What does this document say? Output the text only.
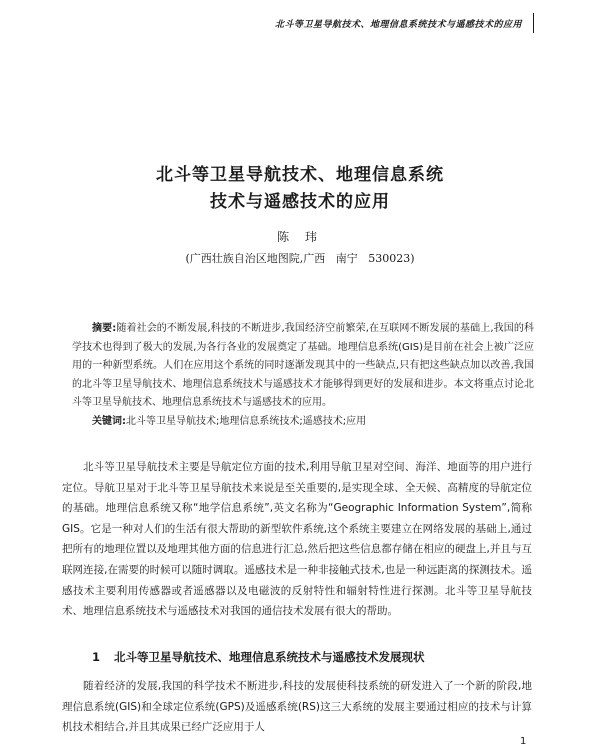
北斗等卫星导航技术、地理信息系统技术与遥感技术的应用
北斗等卫星导航技术、地理信息系统
技术与遥感技术的应用
陈 玮
(广西壮族自治区地图院,广西   南宁   530023)

摘要:随着社会的不断发展,科技的不断进步,我国经济空前繁荣,在互联网不断发展的基础上,我国的科学技术也得到了极大的发展,为各行各业的发展奠定了基础。地理信息系统(GIS)是目前在社会上被广泛应用的一种新型系统。人们在应用这个系统的同时逐渐发现其中的一些缺点,只有把这些缺点加以改善,我国的北斗等卫星导航技术、地理信息系统技术与遥感技术才能够得到更好的发展和进步。本文将重点讨论北斗等卫星导航技术、地理信息系统技术与遥感技术的应用。

关键词:北斗等卫星导航技术;地理信息系统技术;遥感技术;应用

北斗等卫星导航技术主要是导航定位方面的技术,利用导航卫星对空间、海洋、地面等的用户进行定位。导航卫星对于北斗等卫星导航技术来说是至关重要的,是实现全球、全天候、高精度的导航定位的基础。地理信息系统又称“地学信息系统”,英文名称为“Geographic Information System”,简称GIS。它是一种对人们的生活有很大帮助的新型软件系统,这个系统主要建立在网络发展的基础上,通过把所有的地理位置以及地理其他方面的信息进行汇总,然后把这些信息都存储在相应的硬盘上,并且与互联网连接,在需要的时候可以随时调取。遥感技术是一种非接触式技术,也是一种远距离的探测技术。遥感技术主要利用传感器或者遥感器以及电磁波的反射特性和辐射特性进行探测。北斗等卫星导航技术、地理信息系统技术与遥感技术对我国的通信技术发展有很大的帮助。

1 北斗等卫星导航技术、地理信息系统技术与遥感技术发展现状

随着经济的发展,我国的科学技术不断进步,科技的发展使科技系统的研发进入了一个新的阶段,地理信息系统(GIS)和全球定位系统(GPS)及遥感系统(RS)这三大系统的发展主要通过相应的技术与计算机技术相结合,并且其成果已经广泛应用于人

1
